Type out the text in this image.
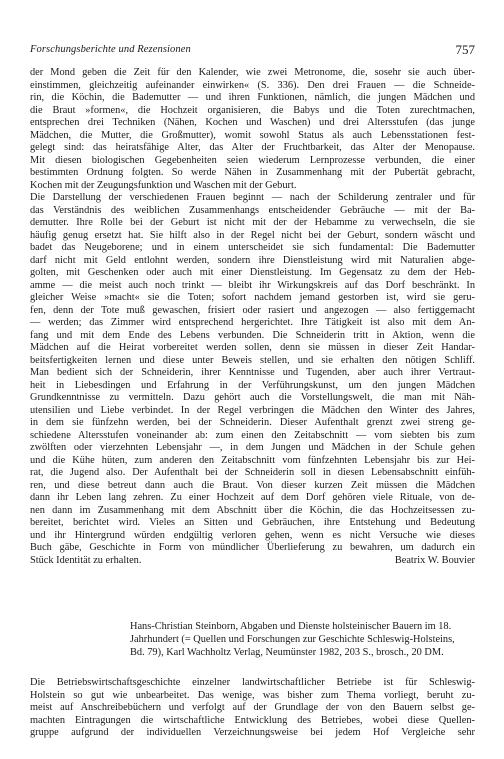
Forschungsberichte und Rezensionen	757
der Mond geben die Zeit für den Kalender, wie zwei Metronome, die, sosehr sie auch über-
einstimmen, gleichzeitig aufeinander einwirken« (S. 336). Den drei Frauen — die Schneide-
rin, die Köchin, die Bademutter — und ihren Funktionen, nämlich, die jungen Mädchen und
die Braut »formen«, die Hochzeit organisieren, die Babys und die Toten zurechtmachen,
entsprechen drei Techniken (Nähen, Kochen und Waschen) und drei Altersstufen (das junge
Mädchen, die Mutter, die Großmutter), womit sowohl Status als auch Lebensstationen fest-
gelegt sind: das heiratsfähige Alter, das Alter der Fruchtbarkeit, das Alter der Menopause.
Mit diesen biologischen Gegebenheiten seien wiederum Lernprozesse verbunden, die einer
bestimmten Ordnung folgten. So werde Nähen in Zusammenhang mit der Pubertät gebracht,
Kochen mit der Zeugungsfunktion und Waschen mit der Geburt.
Die Darstellung der verschiedenen Frauen beginnt — nach der Schilderung zentraler und für
das Verständnis des weiblichen Zusammenhangs entscheidender Gebräuche — mit der Ba-
demutter. Ihre Rolle bei der Geburt ist nicht mit der der Hebamme zu verwechseln, die sie
häufig genug ersetzt hat. Sie hilft also in der Regel nicht bei der Geburt, sondern wäscht und
badet das Neugeborene; und in einem unterscheidet sie sich fundamental: Die Bademutter
darf nicht mit Geld entlohnt werden, sondern ihre Dienstleistung wird mit Naturalien abge-
golten, mit Geschenken oder auch mit einer Dienstleistung. Im Gegensatz zu dem der Heb-
amme — die meist auch noch trinkt — bleibt ihr Wirkungskreis auf das Dorf beschränkt. In
gleicher Weise »macht« sie die Toten; sofort nachdem jemand gestorben ist, wird sie geru-
fen, denn der Tote muß gewaschen, frisiert oder rasiert und angezogen — also fertiggemacht
— werden; das Zimmer wird entsprechend hergerichtet. Ihre Tätigkeit ist also mit dem An-
fang und mit dem Ende des Lebens verbunden. Die Schneiderin tritt in Aktion, wenn die
Mädchen auf die Heirat vorbereitet werden sollen, denn sie müssen in dieser Zeit Handar-
beitsfertigkeiten lernen und diese unter Beweis stellen, und sie erhalten den nötigen Schliff.
Man bedient sich der Schneiderin, ihrer Kenntnisse und Tugenden, aber auch ihrer Vertraut-
heit in Liebesdingen und Erfahrung in der Verführungskunst, um den jungen Mädchen
Grundkenntnisse zu vermitteln. Dazu gehört auch die Vorstellungswelt, die man mit Näh-
utensilien und Liebe verbindet. In der Regel verbringen die Mädchen den Winter des Jahres,
in dem sie fünfzehn werden, bei der Schneiderin. Dieser Aufenthalt grenzt zwei streng ge-
schiedene Altersstufen voneinander ab: zum einen den Zeitabschnitt — vom siebten bis zum
zwölften oder vierzehnten Lebensjahr —, in dem Jungen und Mädchen in der Schule gehen
und die Kühe hüten, zum anderen den Zeitabschnitt vom fünfzehnten Lebensjahr bis zur Hei-
rat, die Jugend also. Der Aufenthalt bei der Schneiderin soll in diesen Lebensabschnitt einfüh-
ren, und diese betreut dann auch die Braut. Von dieser kurzen Zeit müssen die Mädchen
dann ihr Leben lang zehren. Zu einer Hochzeit auf dem Dorf gehören viele Rituale, von de-
nen dann im Zusammenhang mit dem Abschnitt über die Köchin, die das Hochzeitsessen zu-
bereitet, berichtet wird. Vieles an Sitten und Gebräuchen, ihre Entstehung und Bedeutung
und ihr Hintergrund würden endgültig verloren gehen, wenn es nicht Versuche wie dieses
Buch gäbe, Geschichte in Form von mündlicher Überlieferung zu bewahren, um dadurch ein
Stück Identität zu erhalten.	Beatrix W. Bouvier
Hans-Christian Steinborn, Abgaben und Dienste holsteinischer Bauern im 18.
Jahrhundert (= Quellen und Forschungen zur Geschichte Schleswig-Holsteins,
Bd. 79), Karl Wachholtz Verlag, Neumünster 1982, 203 S., brosch., 20 DM.
Die Betriebswirtschaftsgeschichte einzelner landwirtschaftlicher Betriebe ist für Schleswig-
Holstein so gut wie unbearbeitet. Das wenige, was bisher zum Thema vorliegt, beruht zu-
meist auf Anschreibebüchern und verfolgt auf der Grundlage der von den Bauern selbst ge-
machten Eintragungen die wirtschaftliche Entwicklung des Betriebes, wobei diese Quellen-
gruppe aufgrund der individuellen Verzeichnungsweise bei jedem Hof Vergleiche sehr
